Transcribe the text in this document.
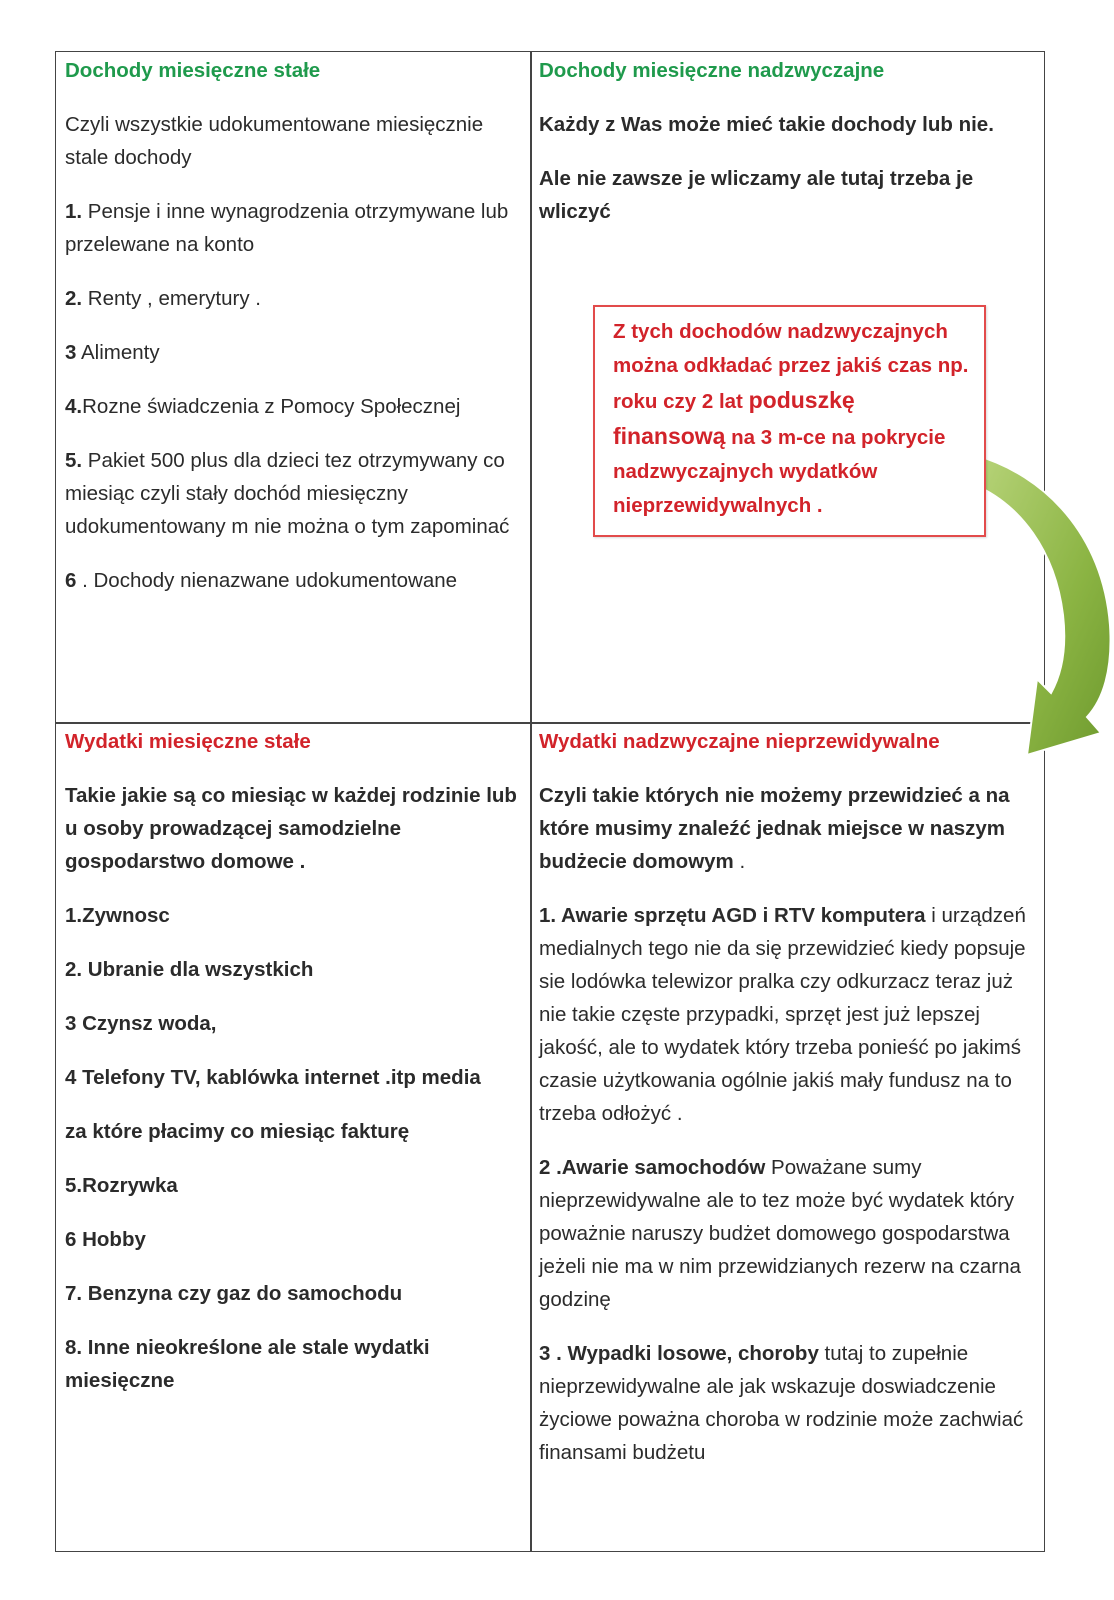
Dochody miesięczne stałe

Czyli wszystkie udokumentowane miesięcznie stale dochody

1. Pensje i inne wynagrodzenia otrzymywane lub przelewane na konto

2. Renty , emerytury .

3 Alimenty

4.Rozne świadczenia z Pomocy Społecznej

5. Pakiet 500 plus dla dzieci tez otrzymywany co miesiąc czyli stały dochód miesięczny udokumentowany m nie można o tym zapominać

6 . Dochody nienazwane udokumentowane

Dochody miesięczne nadzwyczajne

Każdy z Was może mieć takie dochody lub nie.

Ale nie zawsze je wliczamy ale tutaj trzeba je wliczyć

Wydatki miesięczne stałe

Takie jakie są co miesiąc w każdej rodzinie lub u osoby prowadzącej samodzielne gospodarstwo domowe .

1.Zywnosc

2. Ubranie dla wszystkich

3 Czynsz woda,

4 Telefony TV, kablówka internet .itp media

za które płacimy co miesiąc fakturę

5.Rozrywka

6 Hobby

7. Benzyna czy gaz do samochodu

8. Inne nieokreślone ale stale wydatki miesięczne

Wydatki nadzwyczajne nieprzewidywalne

Czyli takie których nie możemy przewidzieć a na które musimy znaleźć jednak miejsce w naszym budżecie domowym .

1. Awarie sprzętu AGD i RTV komputera i urządzeń medialnych tego nie da się przewidzieć kiedy popsuje sie lodówka telewizor pralka czy odkurzacz teraz już nie takie częste przypadki, sprzęt jest już lepszej jakość, ale to wydatek który trzeba ponieść po jakimś czasie użytkowania ogólnie jakiś mały fundusz na to trzeba odłożyć .

2 .Awarie samochodów Poważane sumy nieprzewidywalne ale to tez może być wydatek który poważnie naruszy budżet domowego gospodarstwa jeżeli nie ma w nim przewidzianych rezerw na czarna godzinę

3 . Wypadki losowe, choroby tutaj to zupełnie nieprzewidywalne ale jak wskazuje doswiadczenie życiowe poważna choroba w rodzinie może zachwiać finansami budżetu

Z tych dochodów nadzwyczajnych można odkładać przez jakiś czas np. roku czy 2 lat poduszkę
finansową na 3 m-ce na pokrycie nadzwyczajnych wydatków nieprzewidywalnych .
